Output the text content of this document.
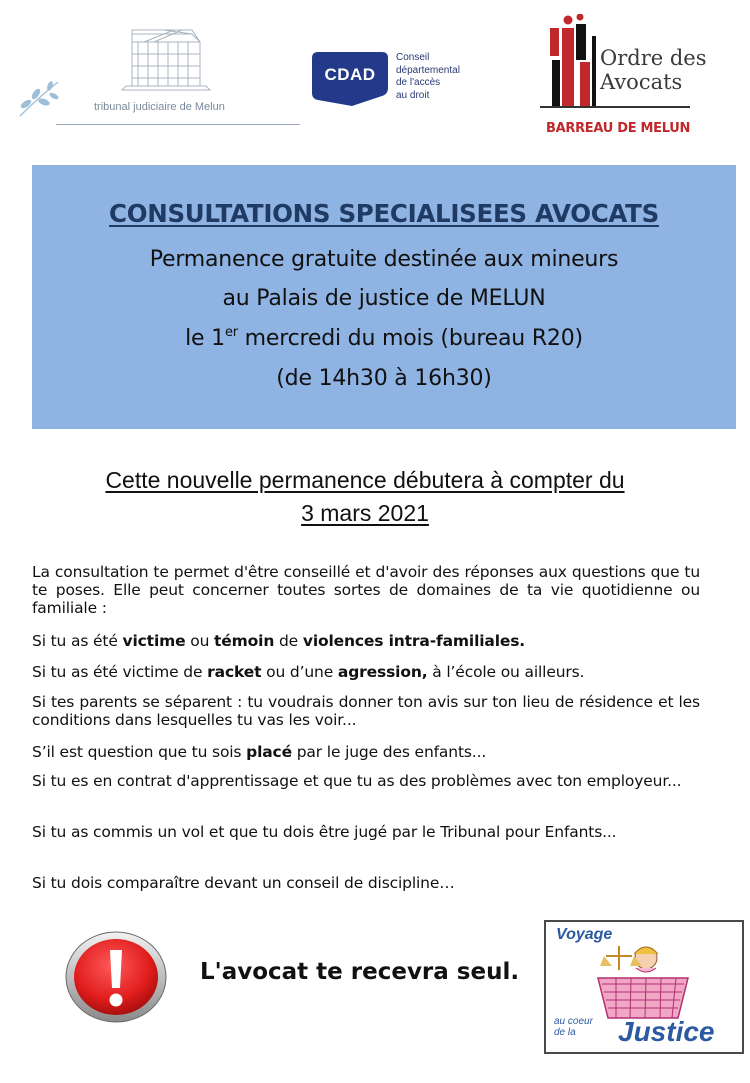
tribunal judiciaire de Melun
CDAD
Conseil
départemental
de l'accès
au droit
Ordre des
Avocats
BARREAU DE MELUN
CONSULTATIONS SPECIALISEES AVOCATS
Permanence gratuite destinée aux mineurs
au Palais de justice de MELUN
le 1er mercredi du mois (bureau R20)
(de 14h30 à 16h30)
Cette nouvelle permanence débutera à compter du
3 mars 2021
La consultation te permet d'être conseillé et d'avoir des réponses aux questions que tu te poses. Elle peut concerner toutes sortes de domaines de ta vie quotidienne ou familiale :
Si tu as été victime ou témoin de violences intra-familiales.
Si tu as été victime de racket ou d’une agression, à l’école ou ailleurs.
Si tes parents se séparent : tu voudrais donner ton avis sur ton lieu de résidence et les conditions dans lesquelles tu vas les voir...
S’il est question que tu sois placé par le juge des enfants...
Si tu es en contrat d'apprentissage et que tu as des problèmes avec ton employeur...
Si tu as commis un vol et que tu dois être jugé par le Tribunal pour Enfants...
Si tu dois comparaître devant un conseil de discipline…
L'avocat te recevra seul.
Voyage
au coeur
de la	Justice
